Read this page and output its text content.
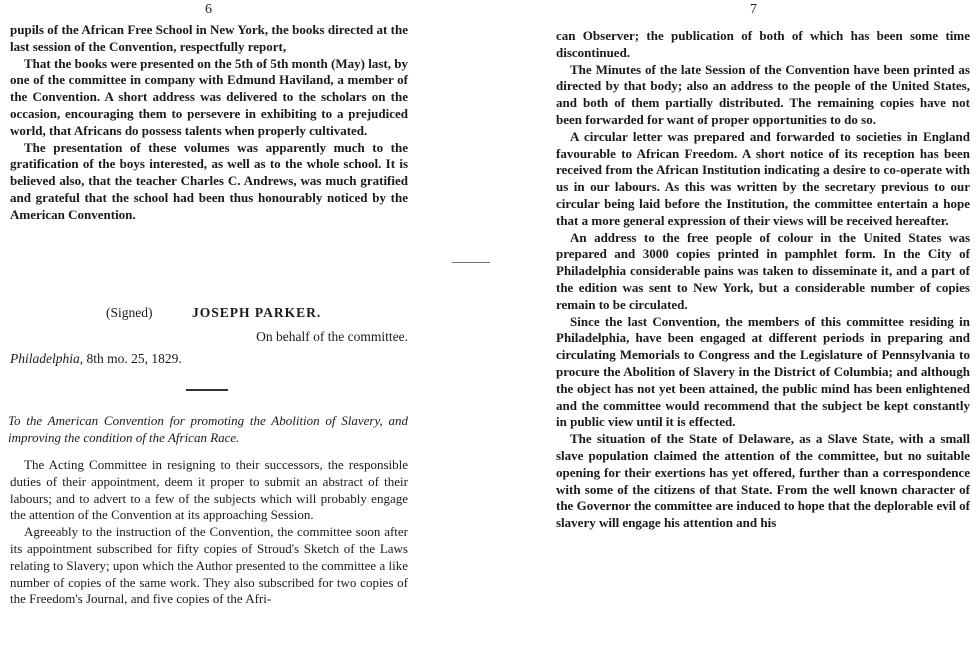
6

pupils of the African Free School in New York, the books directed at the last session of the Convention, respectfully report,

That the books were presented on the 5th of 5th month (May) last, by one of the committee in company with Edmund Haviland, a member of the Convention. A short address was delivered to the scholars on the occasion, encouraging them to persevere in exhibiting to a prejudiced world, that Africans do possess talents when properly cultivated.

The presentation of these volumes was apparently much to the gratification of the boys interested, as well as to the whole school. It is believed also, that the teacher Charles C. Andrews, was much gratified and grateful that the school had been thus honourably noticed by the American Convention.

(Signed)	JOSEPH PARKER.
On behalf of the committee.
Philadelphia, 8th mo. 25, 1829.
To the American Convention for promoting the Abolition of Slavery, and improving the condition of the African Race.

The Acting Committee in resigning to their successors, the responsible duties of their appointment, deem it proper to submit an abstract of their labours; and to advert to a few of the subjects which will probably engage the attention of the Convention at its approaching Session.

Agreeably to the instruction of the Convention, the committee soon after its appointment subscribed for fifty copies of Stroud's Sketch of the Laws relating to Slavery; upon which the Author presented to the committee a like number of copies of the same work. They also subscribed for two copies of the Freedom's Journal, and five copies of the Afri-

7

can Observer; the publication of both of which has been some time discontinued.

The Minutes of the late Session of the Convention have been printed as directed by that body; also an address to the people of the United States, and both of them partially distributed. The remaining copies have not been forwarded for want of proper opportunities to do so.

A circular letter was prepared and forwarded to societies in England favourable to African Freedom. A short notice of its reception has been received from the African Institution indicating a desire to co-operate with us in our labours. As this was written by the secretary previous to our circular being laid before the Institution, the committee entertain a hope that a more general expression of their views will be received hereafter.

An address to the free people of colour in the United States was prepared and 3000 copies printed in pamphlet form. In the City of Philadelphia considerable pains was taken to disseminate it, and a part of the edition was sent to New York, but a considerable number of copies remain to be circulated.

Since the last Convention, the members of this committee residing in Philadelphia, have been engaged at different periods in preparing and circulating Memorials to Congress and the Legislature of Pennsylvania to procure the Abolition of Slavery in the District of Columbia; and although the object has not yet been attained, the public mind has been enlightened and the committee would recommend that the subject be kept constantly in public view until it is effected.

The situation of the State of Delaware, as a Slave State, with a small slave population claimed the attention of the committee, but no suitable opening for their exertions has yet offered, further than a correspondence with some of the citizens of that State. From the well known character of the Governor the committee are induced to hope that the deplorable evil of slavery will engage his attention and his
